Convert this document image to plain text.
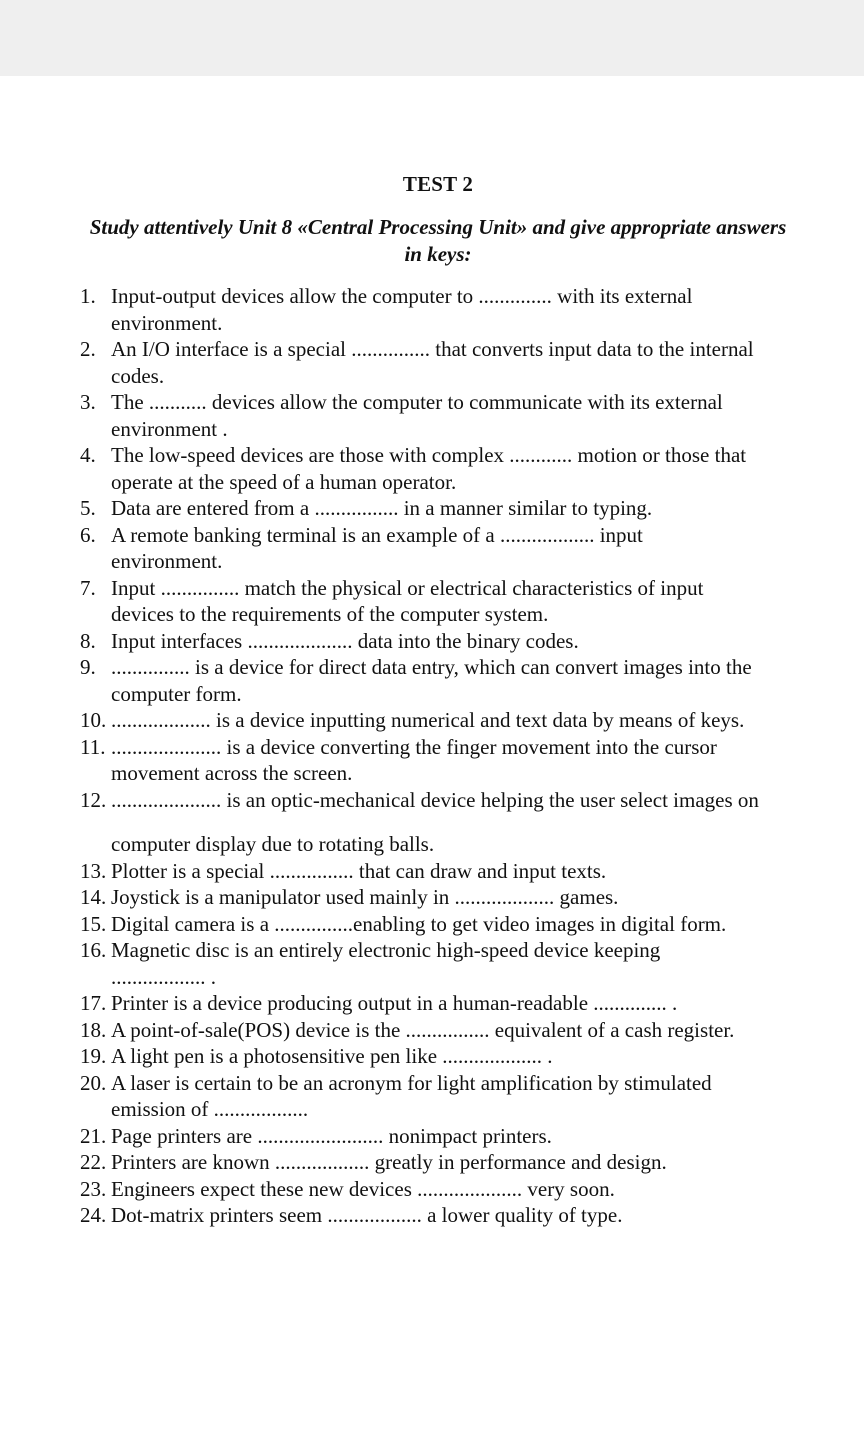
TEST 2
Study attentively Unit 8 «Central Processing Unit» and give appropriate answers
in keys:
1. Input-output devices allow the computer to .............. with its external
environment.
2. An I/O interface is a special ............... that converts input data to the internal
codes.
3. The ........... devices allow the computer to communicate with its external
environment .
4. The low-speed devices are those with complex ............ motion or those that
operate at the speed of a human operator.
5. Data are entered from a ................ in a manner similar to typing.
6. A remote banking terminal is an example of a .................. input
environment.
7. Input ............... match the physical or electrical characteristics of input
devices to the requirements of the computer system.
8. Input interfaces .................... data into the binary codes.
9. ............... is a device for direct data entry, which can convert images into the
computer form.
10. ................... is a device inputting numerical and text data by means of keys.
11. ..................... is a device converting the finger movement into the cursor
movement across the screen.
12. ..................... is an optic-mechanical device helping the user select images on
computer display due to rotating balls.
13. Plotter is a special ................ that can draw and input texts.
14. Joystick is a manipulator used mainly in ................... games.
15. Digital camera is a ...............enabling to get video images in digital form.
16. Magnetic disc is an entirely electronic high-speed device keeping
.................. .
17. Printer is a device producing output in a human-readable .............. .
18. A point-of-sale(POS) device is the ................ equivalent of a cash register.
19. A light pen is a photosensitive pen like ................... .
20. A laser is certain to be an acronym for light amplification by stimulated
emission of ..................
21. Page printers are ........................ nonimpact printers.
22. Printers are known .................. greatly in performance and design.
23. Engineers expect these new devices .................... very soon.
24. Dot-matrix printers seem .................. a lower quality of type.
